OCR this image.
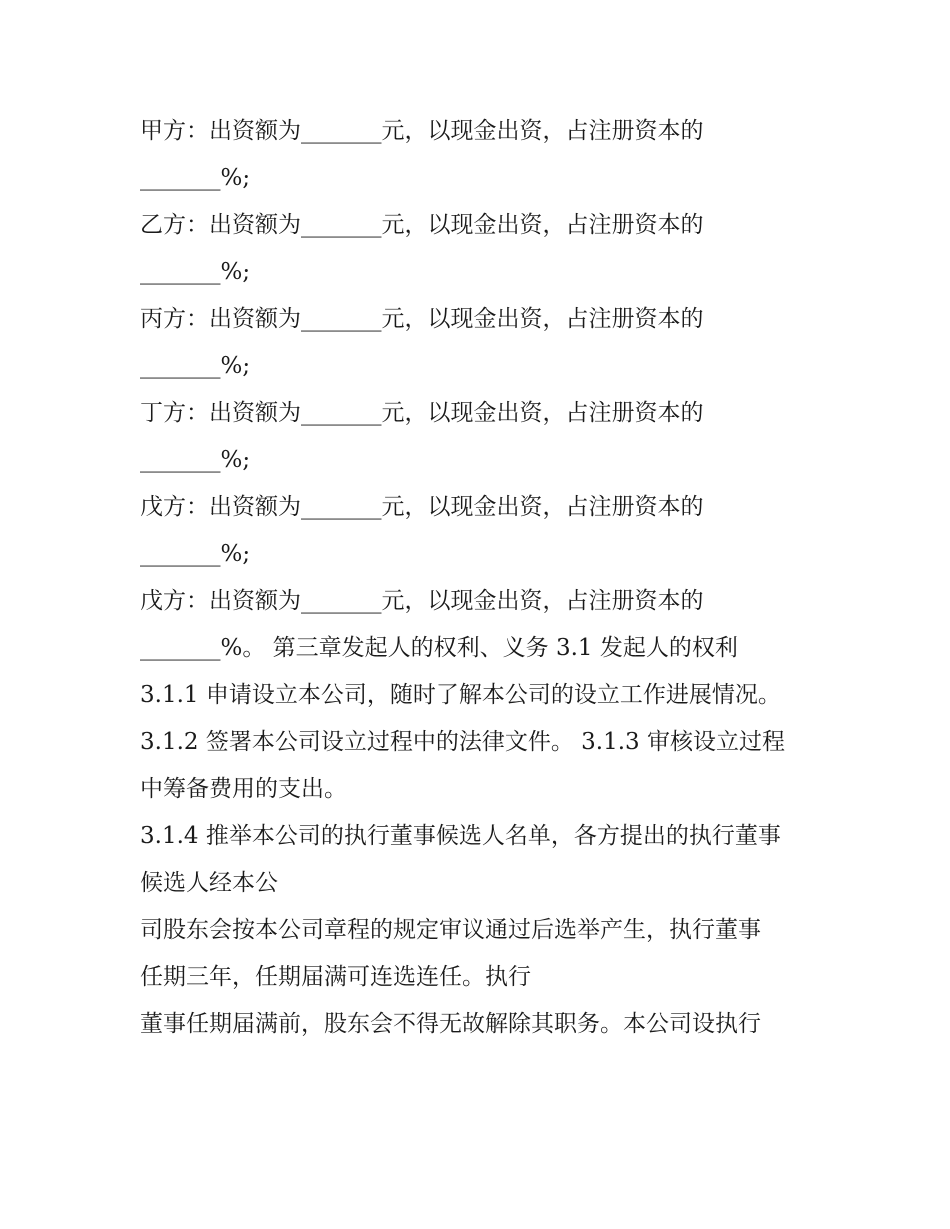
甲方：出资额为_______元，以现金出资，占注册资本的
_______%;
乙方：出资额为_______元，以现金出资，占注册资本的
_______%;
丙方：出资额为_______元，以现金出资，占注册资本的
_______%;
丁方：出资额为_______元，以现金出资，占注册资本的
_______%;
戊方：出资额为_______元，以现金出资，占注册资本的
_______%;
戊方：出资额为_______元，以现金出资，占注册资本的
_______%。 第三章发起人的权利、义务 3.1 发起人的权利
3.1.1 申请设立本公司，随时了解本公司的设立工作进展情况。
3.1.2 签署本公司设立过程中的法律文件。 3.1.3 审核设立过程
中筹备费用的支出。
3.1.4 推举本公司的执行董事候选人名单，各方提出的执行董事
候选人经本公
司股东会按本公司章程的规定审议通过后选举产生，执行董事
任期三年，任期届满可连选连任。执行
董事任期届满前，股东会不得无故解除其职务。本公司设执行
